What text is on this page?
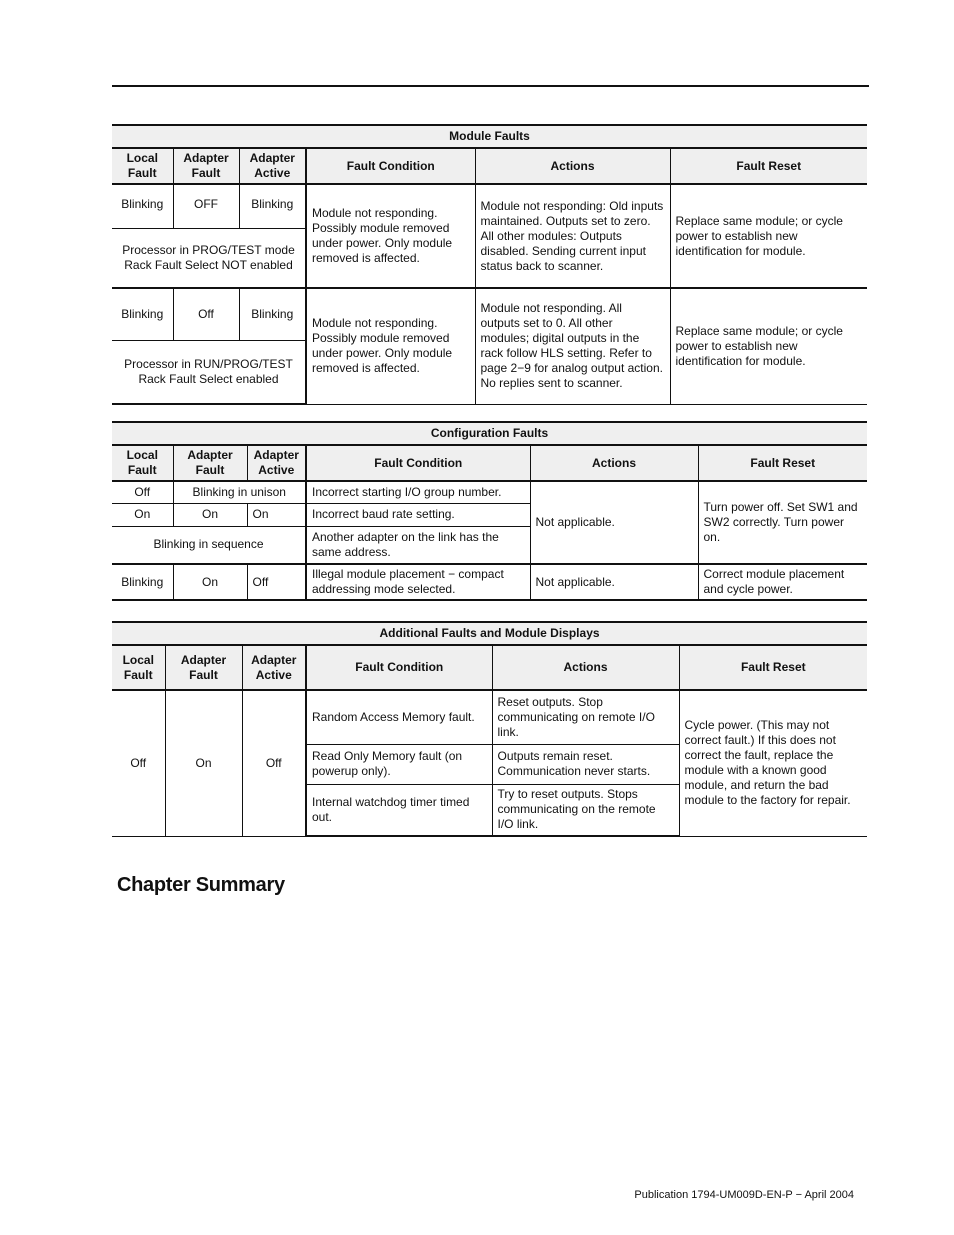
Module Faults					
Local Fault	Adapter Fault	Adapter Active	Fault Condition	Actions	Fault Reset
Blinking	OFF	Blinking	Module not responding. Possibly module removed under power. Only module removed is affected.	Module not responding: Old inputs maintained. Outputs set to zero. All other modules: Outputs disabled. Sending current input status back to scanner.	Replace same module; or cycle power to establish new identification for module.
Processor in PROG/TEST mode Rack Fault Select NOT enabled					
Blinking	Off	Blinking	Module not responding. Possibly module removed under power. Only module removed is affected.	Module not responding. All outputs set to 0. All other modules; digital outputs in the rack follow HLS setting. Refer to page 2−9 for analog output action. No replies sent to scanner.	Replace same module; or cycle power to establish new identification for module.
Processor in RUN/PROG/TEST Rack Fault Select enabled					
Configuration Faults					
Local Fault	Adapter Fault	Adapter Active	Fault Condition	Actions	Fault Reset
Off	Blinking in unison		Incorrect starting I/O group number.	Not applicable.	Turn power off. Set SW1 and SW2 correctly. Turn power on.
On	On	On	Incorrect baud rate setting.		
Blinking in sequence			Another adapter on the link has the same address.		
Blinking	On	Off	Illegal module placement − compact addressing mode selected.	Not applicable.	Correct module placement and cycle power.
Additional Faults and Module Displays					
Local Fault	Adapter Fault	Adapter Active	Fault Condition	Actions	Fault Reset
Off	On	Off	Random Access Memory fault.	Reset outputs. Stop communicating on remote I/O link.	Cycle power. (This may not correct fault.) If this does not correct the fault, replace the module with a known good module, and return the bad module to the factory for repair.
			Read Only Memory fault (on powerup only).	Outputs remain reset. Communication never starts.	
			Internal watchdog timer timed out.	Try to reset outputs. Stops communicating on the remote I/O link.	
Chapter Summary
Publication 1794-UM009D-EN-P − April 2004
